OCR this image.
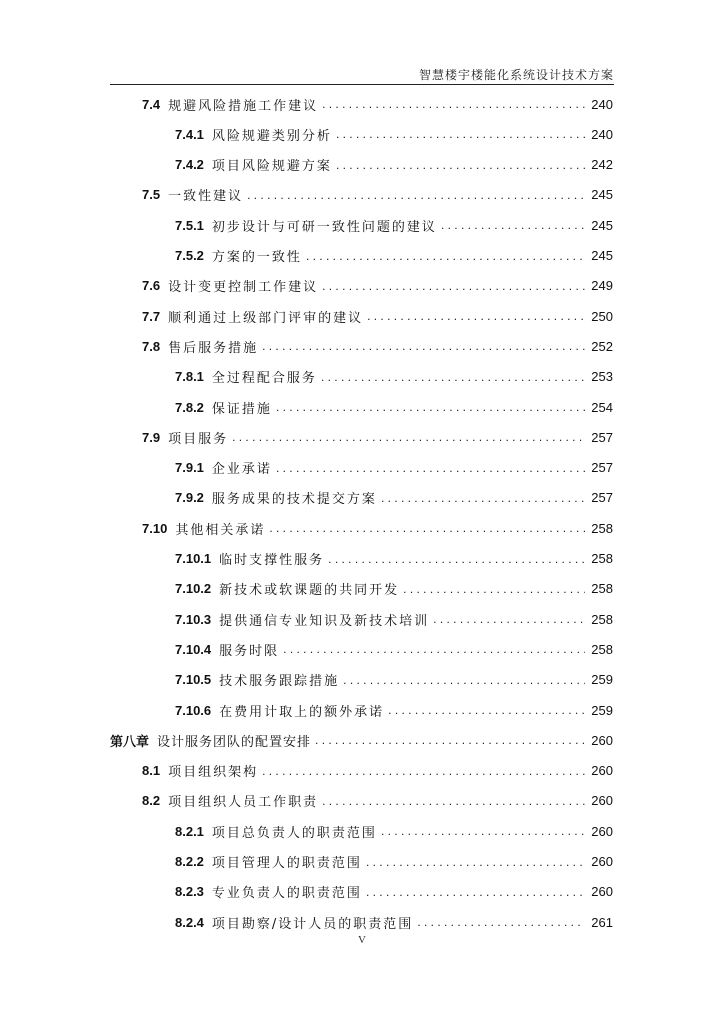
智慧楼宇楼能化系统设计技术方案
7.4 规避风险措施工作建议 . . .	240
7.4.1 风险规避类别分析 . . .	240
7.4.2 项目风险规避方案 . . .	242
7.5 一致性建议 . . .	245
7.5.1 初步设计与可研一致性问题的建议 . . .	245
7.5.2 方案的一致性 . . .	245
7.6 设计变更控制工作建议 . . .	249
7.7 顺利通过上级部门评审的建议 . . .	250
7.8 售后服务措施 . . .	252
7.8.1 全过程配合服务 . . .	253
7.8.2 保证措施 . . .	254
7.9 项目服务 . . .	257
7.9.1 企业承诺 . . .	257
7.9.2 服务成果的技术提交方案 . . .	257
7.10 其他相关承诺 . . .	258
7.10.1 临时支撑性服务 . . .	258
7.10.2 新技术或软课题的共同开发 . . .	258
7.10.3 提供通信专业知识及新技术培训 . . .	258
7.10.4 服务时限 . . .	258
7.10.5 技术服务跟踪措施 . . .	259
7.10.6 在费用计取上的额外承诺 . . .	259
第八章 设计服务团队的配置安排 . . .	260
8.1 项目组织架构 . . .	260
8.2 项目组织人员工作职责 . . .	260
8.2.1 项目总负责人的职责范围 . . .	260
8.2.2 项目管理人的职责范围 . . .	260
8.2.3 专业负责人的职责范围 . . .	260
8.2.4 项目勘察/设计人员的职责范围 . . .	261
V
